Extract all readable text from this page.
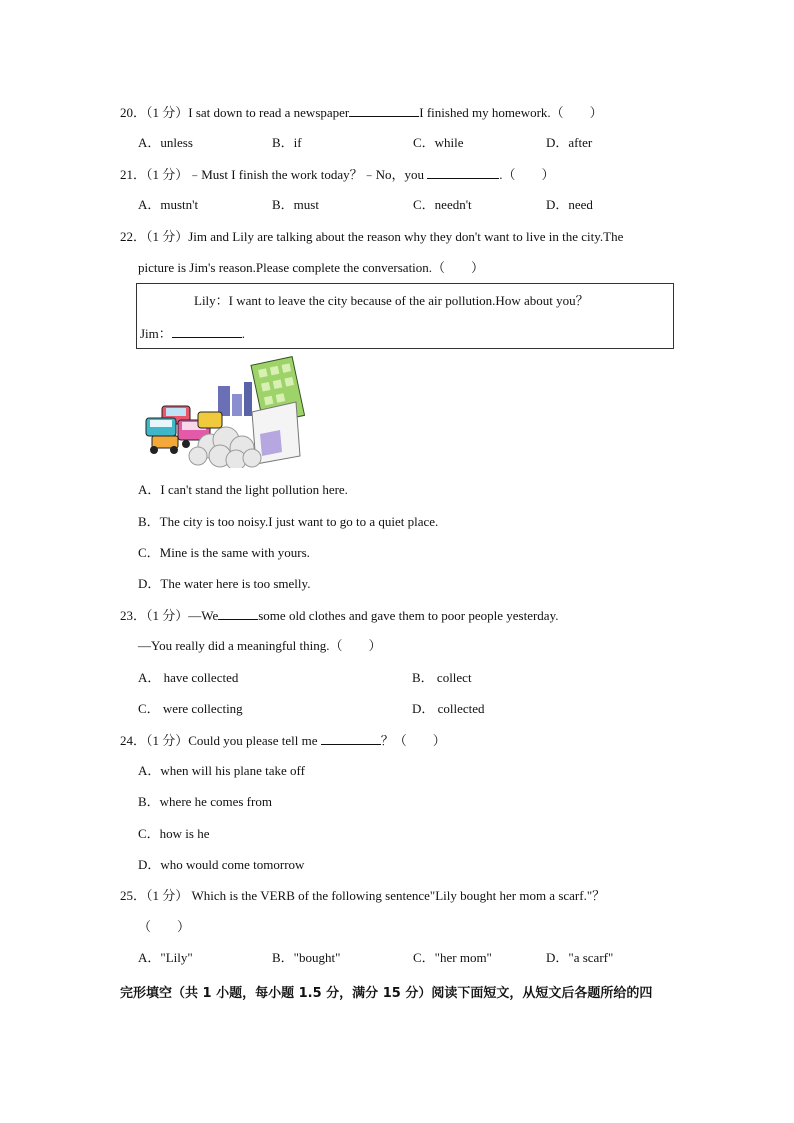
20．（1 分）I sat down to read a newspaper	I finished my homework.（　　）
A．unless	B．if	C．while	D．after
21．（1 分）﹣Must I finish the work today？﹣No，you	.（　　）
A．mustn't	B．must	C．needn't	D．need
22．（1 分）Jim and Lily are talking about the reason why they don't want to live in the city.The
picture is Jim's reason.Please complete the conversation.（　　）
Lily：I want to leave the city because of the air pollution.How about you？
Jim：	.
A．I can't stand the light pollution here.
B．The city is too noisy.I just want to go to a quiet place.
C．Mine is the same with yours.
D．The water here is too smelly.
23．（1 分）—We	some old clothes and gave them to poor people yesterday.
—You really did a meaningful thing.（　　）
A． have collected	B． collect
C． were collecting	D． collected
24．（1 分）Could you please tell me	？（　　）
A．when will his plane take off
B．where he comes from
C．how is he
D．who would come tomorrow
25．（1 分） Which is the VERB of the following sentence"Lily bought her mom a scarf."？
（　　）
A．"Lily"	B．"bought"	C．"her mom"	D．"a scarf"
完形填空（共 1 小题，每小题 1.5 分，满分 15 分）阅读下面短文，从短文后各题所给的四
